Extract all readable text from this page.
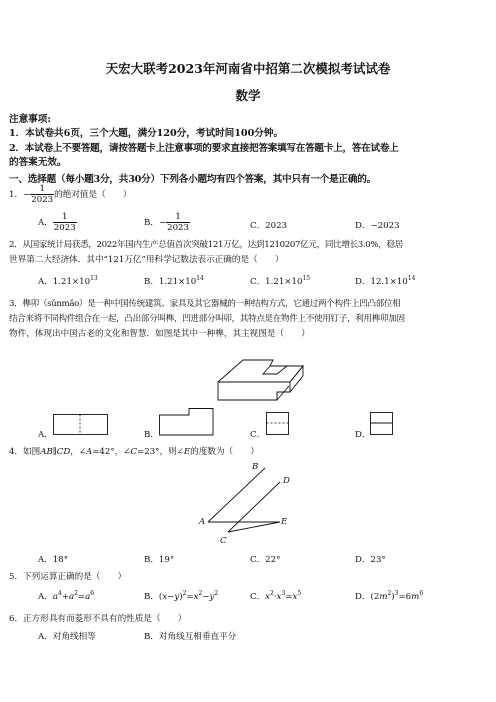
天宏大联考2023年河南省中招第二次模拟考试试卷
数学
注意事项:
1．本试卷共6页，三个大题，满分120分，考试时间100分钟。
2．本试卷上不要答题，请按答题卡上注意事项的要求直接把答案填写在答题卡上，答在试卷上
的答案无效。
一、选择题（每小题3分，共30分）下列各小题均有四个答案，其中只有一个是正确的。
1．− $\frac{1}{2023}$ 的绝对值是（　　）
A． $\frac{1}{2023}$	B．− $\frac{1}{2023}$	C．2023	D．−2023
2．从国家统计局获悉，2022年国内生产总值首次突破121万亿，达到1210207亿元，同比增长3.0%，稳居
世界第二大经济体．其中“121万亿”用科学记数法表示正确的是（　　）
A．$1.21\times 10^{13}$	B．$1.21\times 10^{14}$	C．$1.21\times 10^{15}$	D．$12.1\times 10^{14}$
3．榫卯（sǔnmǎo）是一种中国传统建筑、家具及其它器械的一种结构方式，它通过两个构件上凹凸部位相
结合来将不同构件组合在一起，凸出部分叫榫，凹进部分叫卯，其特点是在物件上不使用钉子，利用榫卯加固
物件，体现出中国古老的文化和智慧．如图是其中一种榫，其主视图是（　　）
A．	B．	C．	D．
4．如图AB∥CD，∠A=42°，∠C=23°，则∠E的度数为（　　）
B
D
A	E
C
A．18°	B．19°	C．22°	D．23°
5．下列运算正确的是（　　）
A．$a^4+a^2=a^6$	B．$(x-y)^2=x^2-y^2$	C．$x^2\cdot x^3=x^5$	D．$(2m^2)^3=6m^6$
6．正方形具有而菱形不具有的性质是（　　）
A．对角线相等	B．对角线互相垂直平分
